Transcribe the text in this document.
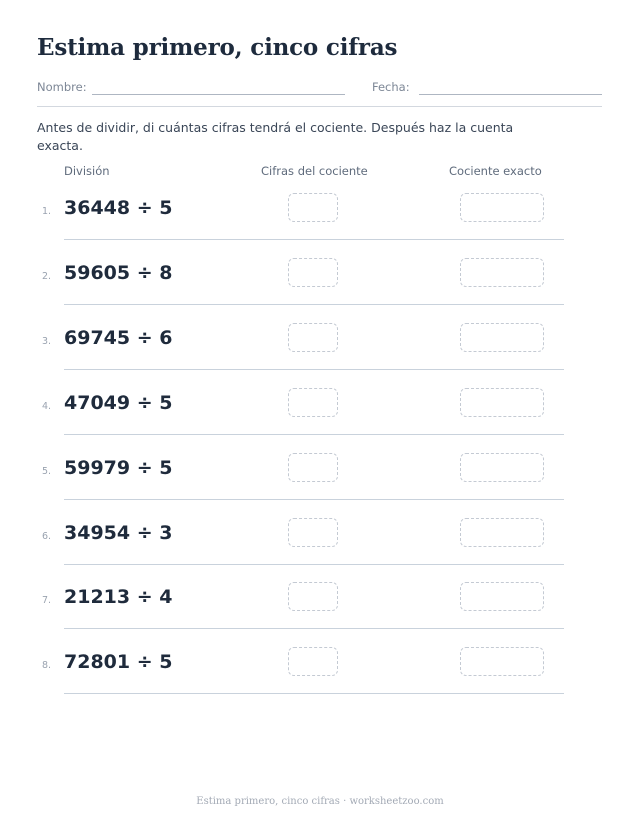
Estima primero, cinco cifras
Nombre:	Fecha:
Antes de dividir, di cuántas cifras tendrá el cociente. Después haz la cuenta exacta.
División	Cifras del cociente	Cociente exacto
1. 36448 ÷ 5
2. 59605 ÷ 8
3. 69745 ÷ 6
4. 47049 ÷ 5
5. 59979 ÷ 5
6. 34954 ÷ 3
7. 21213 ÷ 4
8. 72801 ÷ 5
Estima primero, cinco cifras · worksheetzoo.com
